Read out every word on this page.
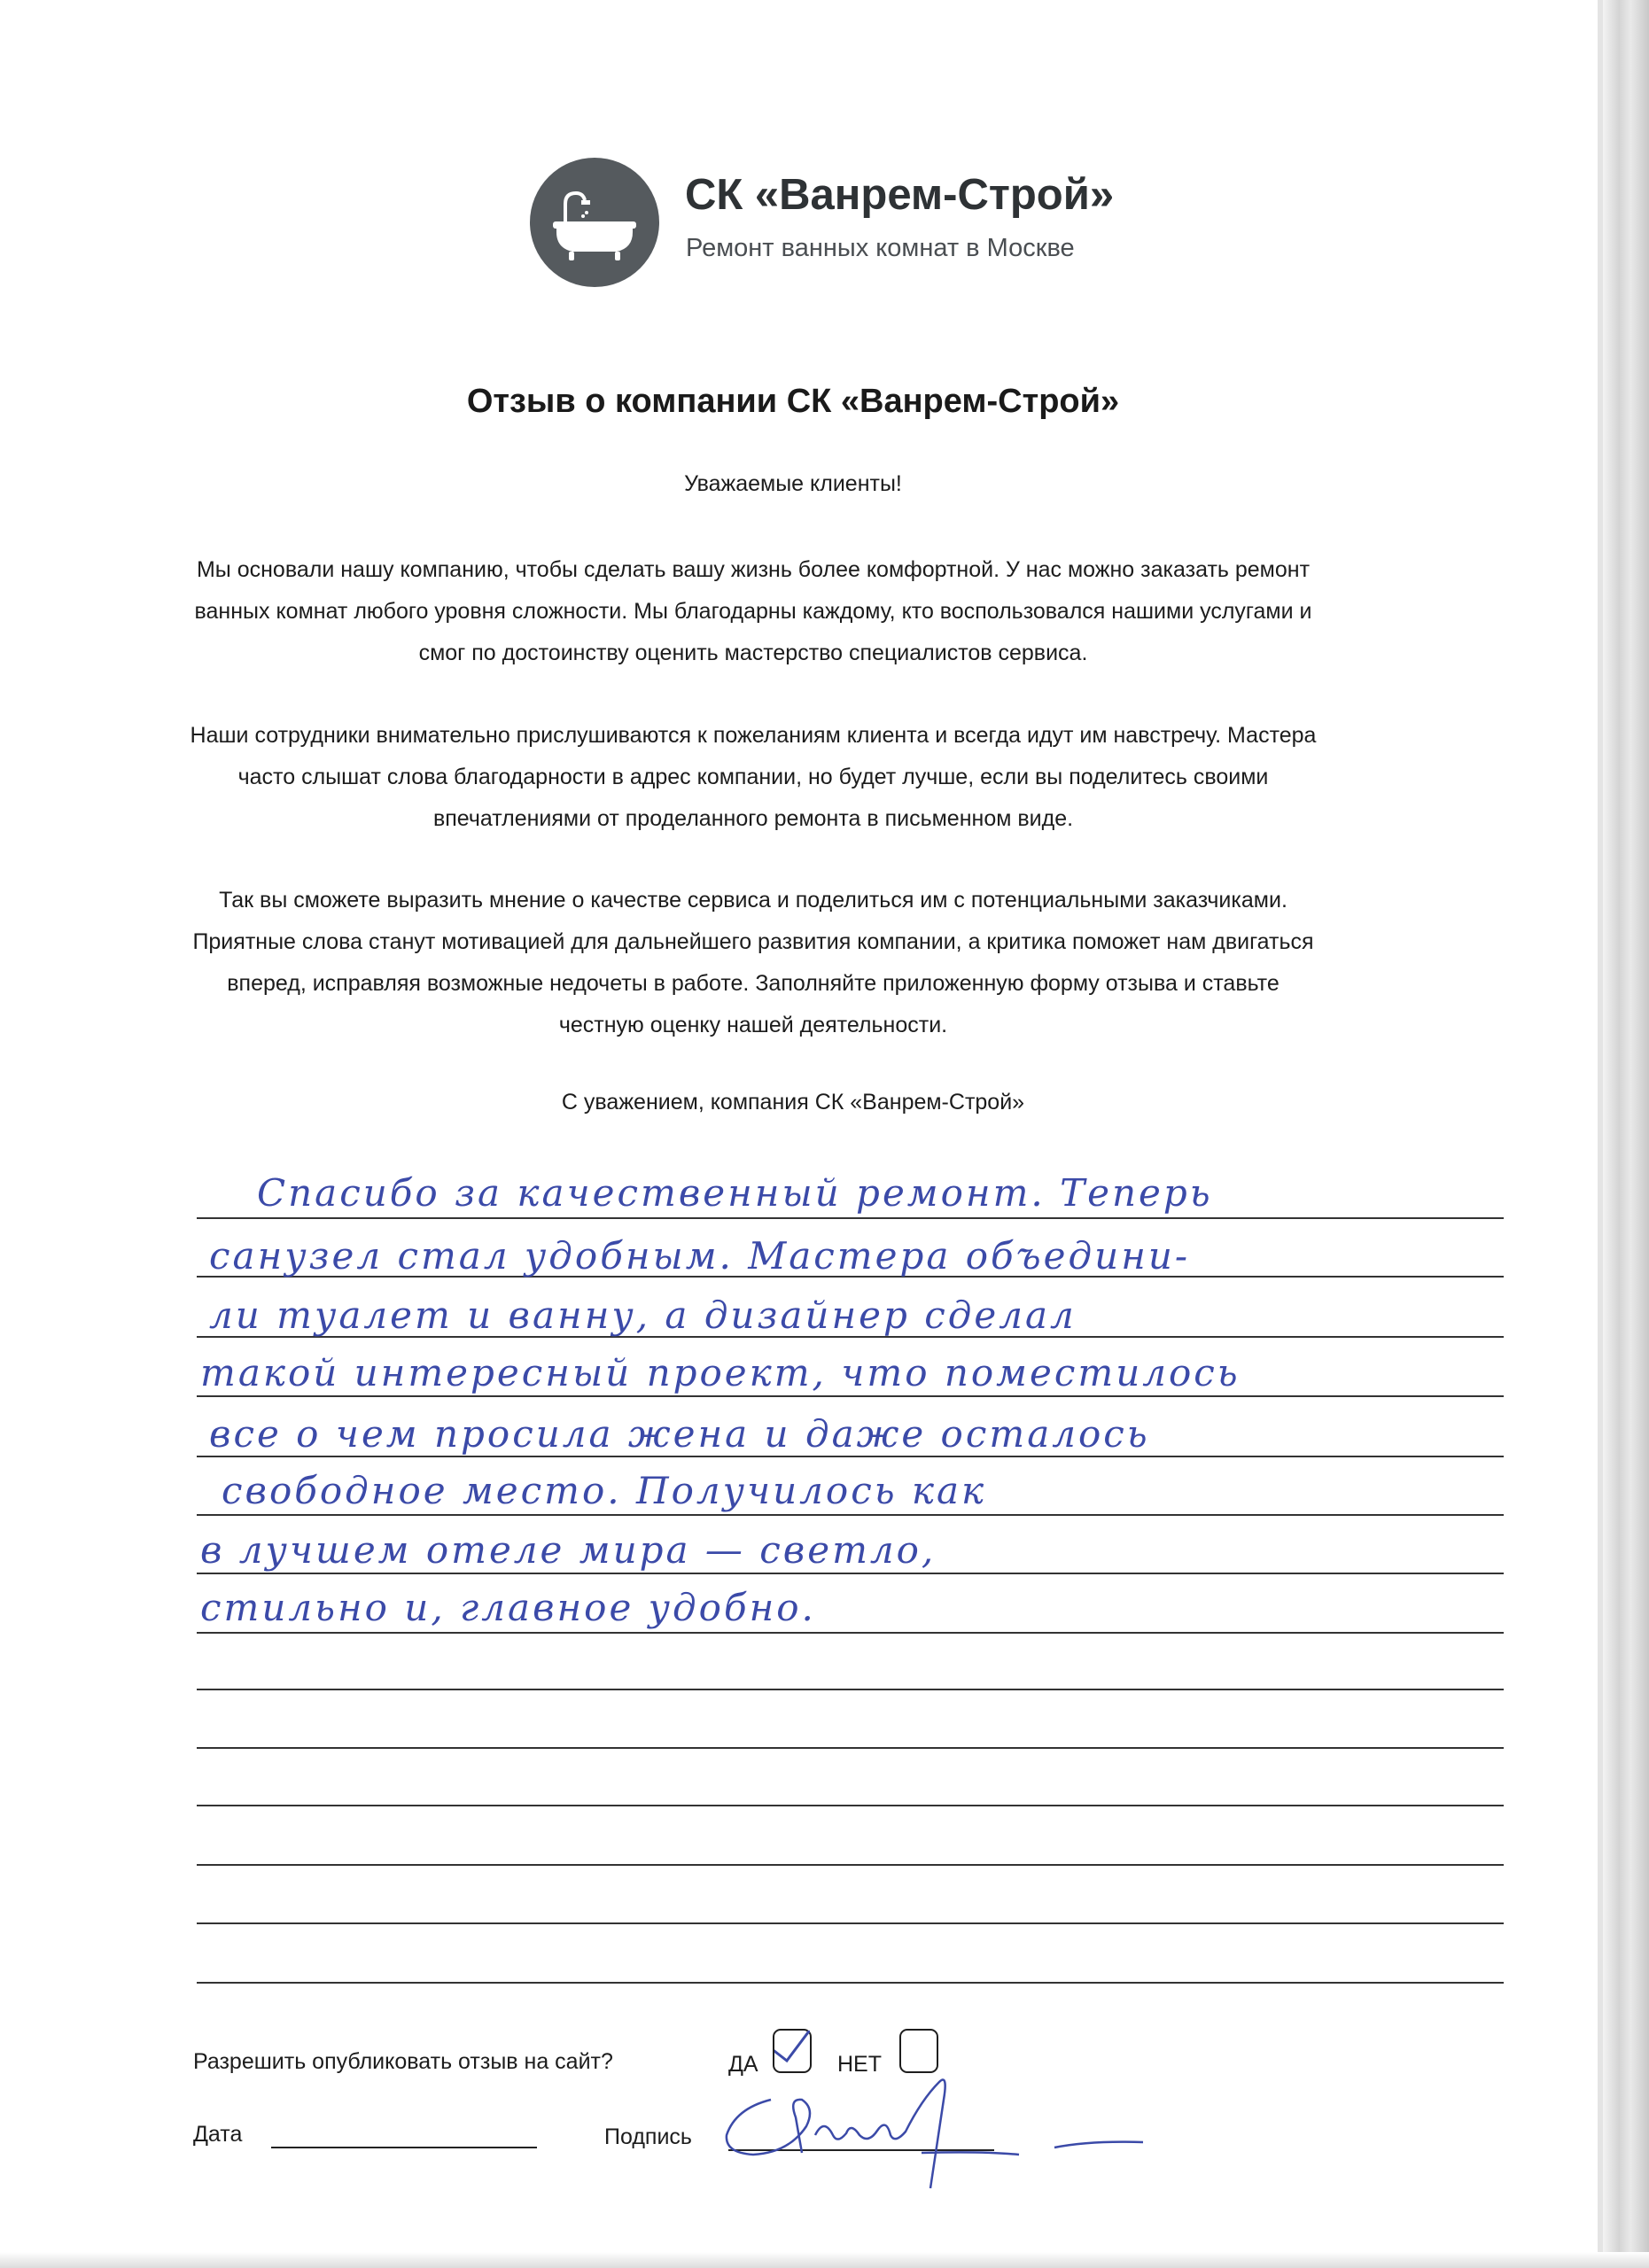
СК «Ванрем-Строй»
Ремонт ванных комнат в Москве
Отзыв о компании СК «Ванрем-Строй»
Уважаемые клиенты!
Мы основали нашу компанию, чтобы сделать вашу жизнь более комфортной. У нас можно заказать ремонт ванных комнат любого уровня сложности. Мы благодарны каждому, кто воспользовался нашими услугами и смог по достоинству оценить мастерство специалистов сервиса.
Наши сотрудники внимательно прислушиваются к пожеланиям клиента и всегда идут им навстречу. Мастера часто слышат слова благодарности в адрес компании, но будет лучше, если вы поделитесь своими впечатлениями от проделанного ремонта в письменном виде.
Так вы сможете выразить мнение о качестве сервиса и поделиться им с потенциальными заказчиками. Приятные слова станут мотивацией для дальнейшего развития компании, а критика поможет нам двигаться вперед, исправляя возможные недочеты в работе. Заполняйте приложенную форму отзыва и ставьте честную оценку нашей деятельности.
С уважением, компания СК «Ванрем-Строй»
Спасибо за качественный ремонт. Теперь
санузел стал удобным. Мастера объедини-
ли туалет и ванну, а дизайнер сделал
такой интересный проект, что поместилось
все о чем просила жена и даже осталось
свободное место. Получилось как
в лучшем отеле мира — светло,
стильно и, главное удобно.
Разрешить опубликовать отзыв на сайт?	ДА	НЕТ
Дата	Подпись
